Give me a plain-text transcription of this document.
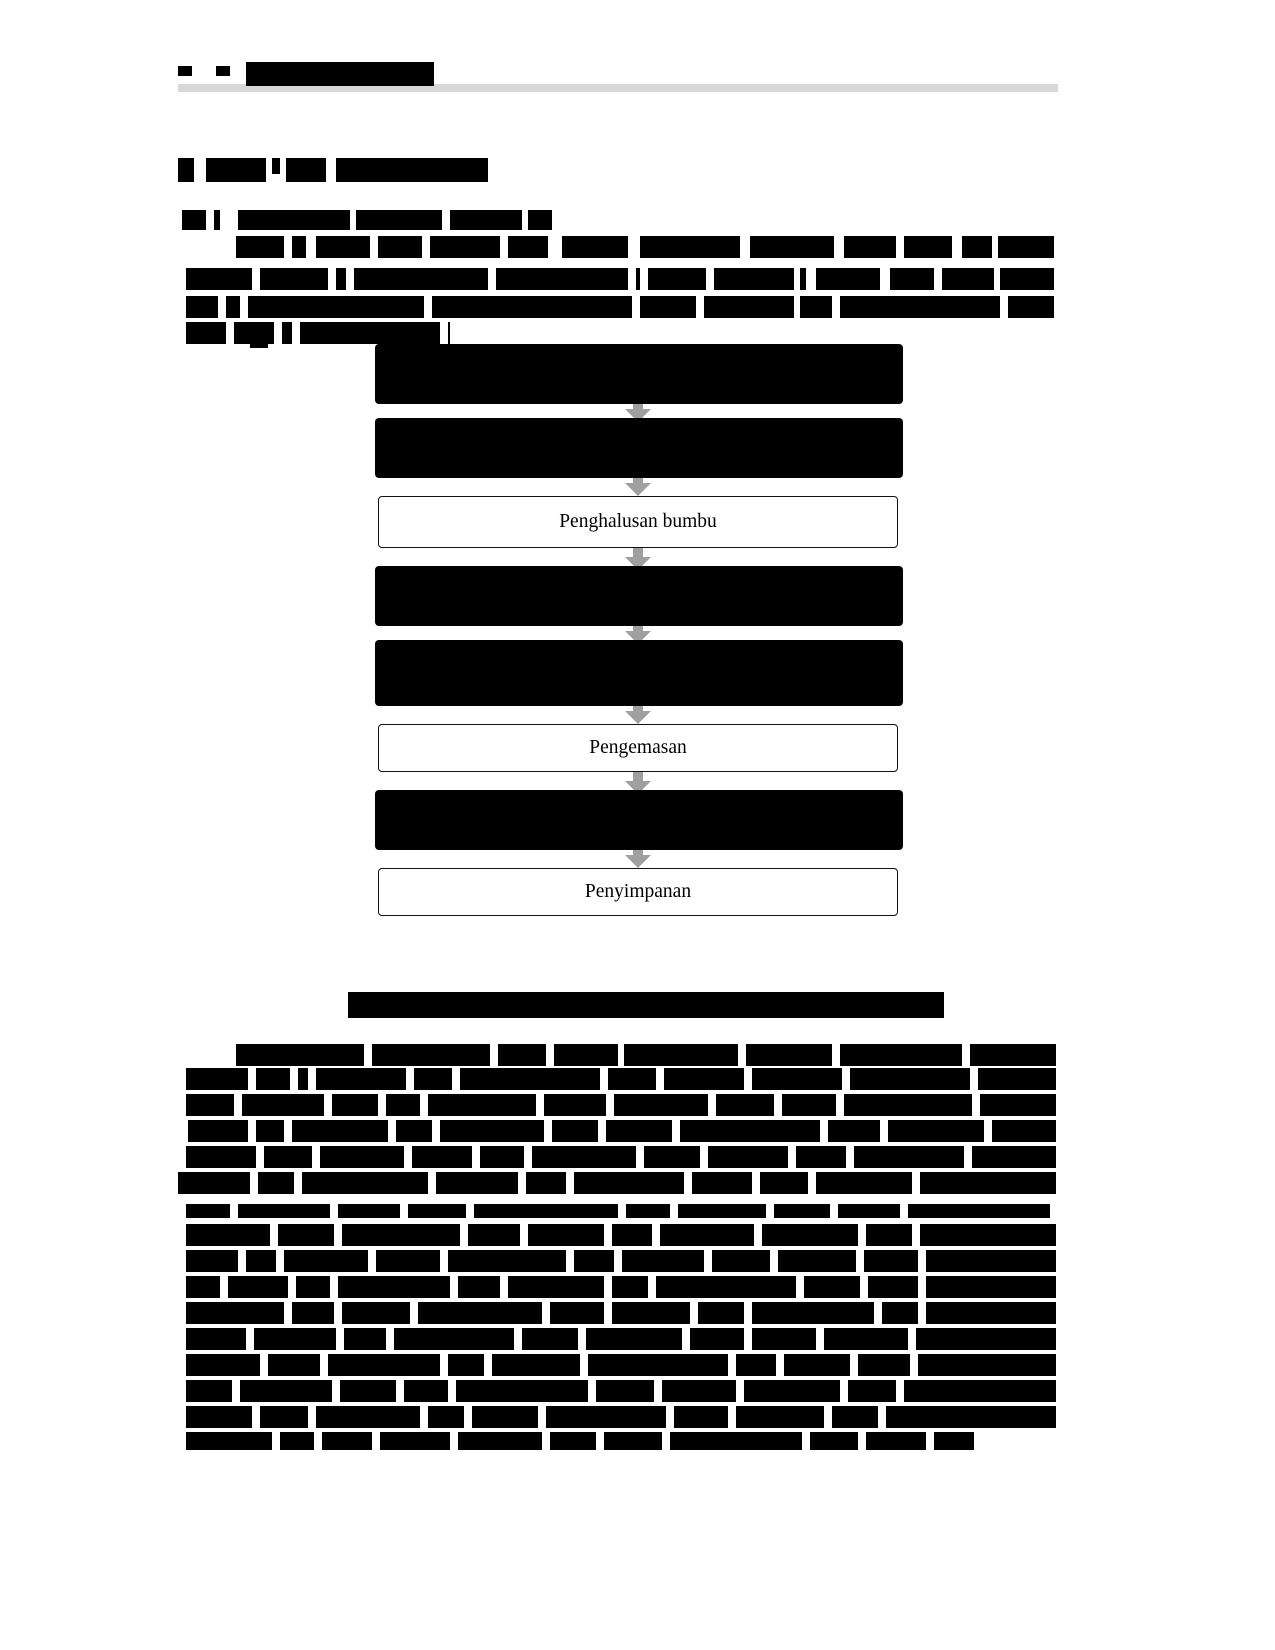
Penerimaan Bahan Baku
Pemotongan karkas
Penghalusan bumbu
Penumisan bumbu selama 15 menit
Pemasakan karkas beserta bumbu selama 45 menit
Pengemasan
Sterilisasi selama 15 menit suhu 121C, 2 atm
Penyimpanan
